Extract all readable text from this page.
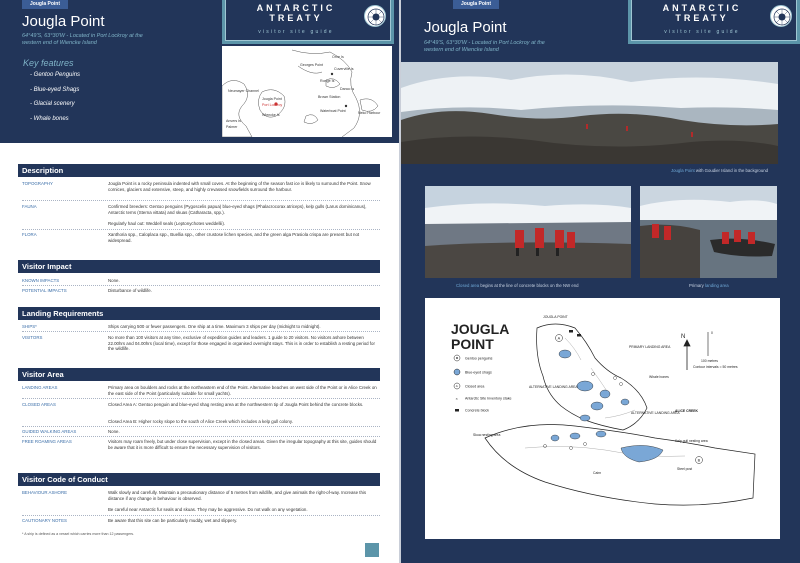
Jougla Point
Jougla Point
64°49'S, 63°30'W - Located in Port Lockroy at the
western end of Wiencke Island
Key features
- Gentoo Penguins
- Blue-eyed Shags
- Glacial scenery
- Whale bones
ANTARCTIC
TREATY
visitor site guide
Orne Is
Georges Point
Cuverville Is
Rongé Is
Danco Is
Neko Harbour
Brown Station
Waterboat Point
Neumayer Channel
Jougla Point
Port Lockroy
Palmer
Anvers Is
Wiencke Is
Description
TOPOGRAPHY	Jougla Point is a rocky peninsula indented with small coves. At the beginning of the season fast ice is likely to surround the Point. Snow cornices, glaciers and extensive, steep, and highly crevassed snowfields surround the harbour.
FAUNA	Confirmed breeders: Gentoo penguins (Pygoscelis papua) blue-eyed shags (Phalacrocorax atriceps), kelp gulls (Larus dominicanus), Antarctic terns (Sterna vittata) and skuas (Catharacta, spp.).
Regularly haul out: Weddell seals (Leptonychotes weddellii).
FLORA	Xanthoria spp., Caloplaca spp., Buellia spp., other crustose lichen species, and the green alga Prasiola crispa are present but not widespread.
Visitor Impact
KNOWN IMPACTS	None.
POTENTIAL IMPACTS	Disturbance of wildlife.
Landing Requirements
SHIPS*	Ships carrying 500 or fewer passengers. One ship at a time. Maximum 3 ships per day (midnight to midnight).
VISITORS	No more than 100 visitors at any time, exclusive of expedition guides and leaders. 1 guide to 20 visitors. No visitors ashore between 22.00hrs and 04.00hrs (local time), except for those engaged in organised overnight stays. This is in order to establish a resting period for the wildlife.
Visitor Area
LANDING AREAS	Primary area on boulders and rocks at the northeastern end of the Point. Alternative beaches on west side of the Point or in Alice Creek on the east side of the Point (particularly suitable for small yachts).
CLOSED AREAS	Closed Area A: Gentoo penguin and blue-eyed shag resting area at the northwestern tip of Jougla Point behind the concrete blocks.
Closed Area B: Higher rocky slope to the south of Alice Creek which includes a kelp gull colony.
GUIDED WALKING AREAS	None.
FREE ROAMING AREAS	Visitors may roam freely, but under close supervision, except in the closed areas. Given the irregular topography at this site, guides should be aware that it is more difficult to ensure the necessary supervision of visitors.
Visitor Code of Conduct
BEHAVIOUR ASHORE	Walk slowly and carefully. Maintain a precautionary distance of 5 metres from wildlife, and give animals the right-of-way. Increase this distance if any change in behaviour is observed.
Be careful near Antarctic fur seals and skuas. They may be aggressive. Do not walk on any vegetation.
CAUTIONARY NOTES	Be aware that this site can be particularly muddy, wet and slippery.
* A ship is defined as a vessel which carries more than 12 passengers.
Jougla Point
Jougla Point
64°49'S, 63°30'W - Located in Port Lockroy at the
western end of Wiencke Island
ANTARCTIC
TREATY
visitor site guide
Jougla Point with Goudier Island in the background
Closed area begins at the line of concrete blocks on the NW end	Primary landing area
JOUGLA
POINT
Gentoo penguins
Blue-eyed shags
A Closed area
× Antarctic Site Inventory stake
Concrete block
A
B
JOUGLA POINT
PRIMARY LANDING AREA
ALTERNATIVE LANDING AREA
ALTERNATIVE LANDING AREA
Whale bones
ALICE CREEK
Skua nesting area
Kelp gull nesting area
Cairn
Steel post
N
0
100 metres
Contour intervals = 50 metres
